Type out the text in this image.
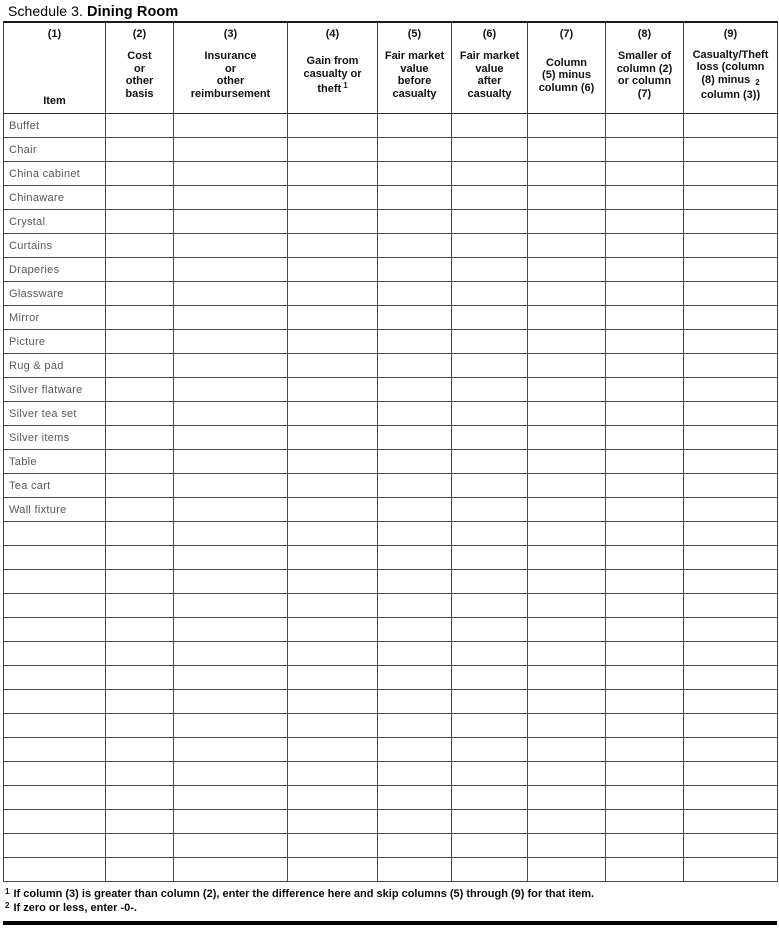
Schedule 3. Dining Room
(1)
Item
(2)
Cost
or
other
basis
(3)
Insurance
or
other
reimbursement
(4)
Gain from
casualty or
theft $^1$
(5)
Fair market
value
before
casualty
(6)
Fair market
value
after
casualty
(7)
Column
(5) minus
column (6)
(8)
Smaller of
column (2)
or column
(7)
(9)
Casualty/Theft
loss (column
(8) minus 2
column (3))
Buffet
Chair
China cabinet
Chinaware
Crystal
Curtains
Draperies
Glassware
Mirror
Picture
Rug & pad
Silver flatware
Silver tea set
Silver items
Table
Tea cart
Wall fixture
$^1$ If column (3) is greater than column (2), enter the difference here and skip columns (5) through (9) for that item.
$^2$ If zero or less, enter -0-.
